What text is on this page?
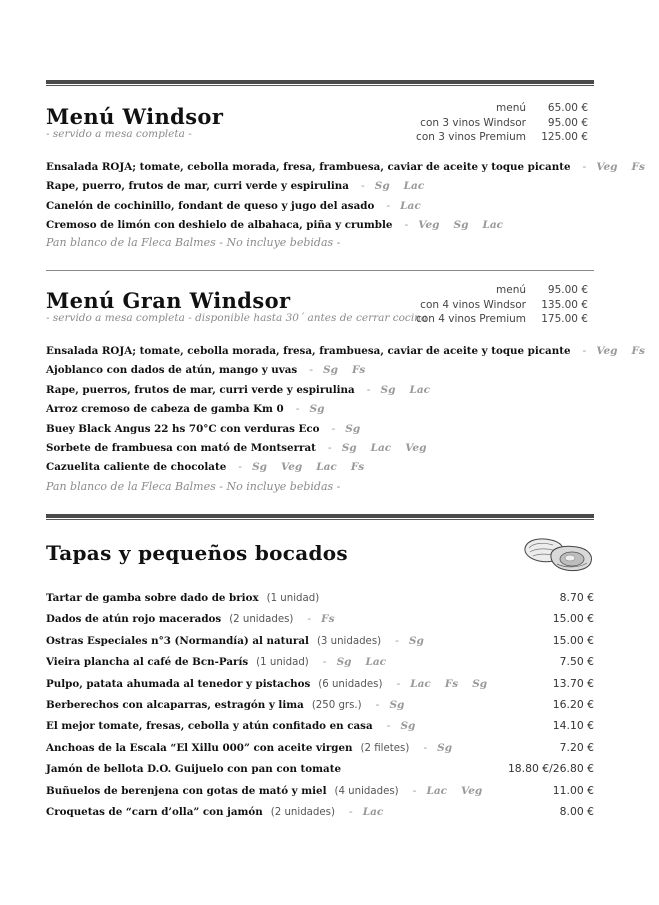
Menú Windsor
- servido a mesa completa -
menú	65.00 €
con 3 vinos Windsor	95.00 €
con 3 vinos Premium	125.00 €
Ensalada ROJA; tomate, cebolla morada, fresa, frambuesa, caviar de aceite y toque picante - Veg Fs
Rape, puerro, frutos de mar, curri verde y espirulina - Sg Lac
Canelón de cochinillo, fondant de queso y jugo del asado - Lac
Cremoso de limón con deshielo de albahaca, piña y crumble - Veg Sg Lac
Pan blanco de la Fleca Balmes - No incluye bebidas -
Menú Gran Windsor
- servido a mesa completa - disponible hasta 30´ antes de cerrar cocina
menú	95.00 €
con 4 vinos Windsor	135.00 €
con 4 vinos Premium	175.00 €
Ensalada ROJA; tomate, cebolla morada, fresa, frambuesa, caviar de aceite y toque picante - Veg Fs
Ajoblanco con dados de atún, mango y uvas - Sg Fs
Rape, puerros, frutos de mar, curri verde y espirulina - Sg Lac
Arroz cremoso de cabeza de gamba Km 0 - Sg
Buey Black Angus 22 hs 70°C con verduras Eco - Sg
Sorbete de frambuesa con mató de Montserrat - Sg Lac Veg
Cazuelita caliente de chocolate - Sg Veg Lac Fs
Pan blanco de la Fleca Balmes - No incluye bebidas -
Tapas y pequeños bocados
Tartar de gamba sobre dado de briox (1 unidad)	8.70 €
Dados de atún rojo macerados (2 unidades) - Fs	15.00 €
Ostras Especiales n°3 (Normandía) al natural (3 unidades) - Sg	15.00 €
Vieira plancha al café de Bcn-París (1 unidad) - Sg Lac	7.50 €
Pulpo, patata ahumada al tenedor y pistachos (6 unidades) - Lac Fs Sg	13.70 €
Berberechos con alcaparras, estragón y lima (250 grs.) - Sg	16.20 €
El mejor tomate, fresas, cebolla y atún confitado en casa - Sg	14.10 €
Anchoas de la Escala “El Xillu 000” con aceite virgen (2 filetes) - Sg	7.20 €
Jamón de bellota D.O. Guijuelo con pan con tomate	18.80 €/26.80 €
Buñuelos de berenjena con gotas de mató y miel (4 unidades) - Lac Veg	11.00 €
Croquetas de “carn d’olla” con jamón (2 unidades) - Lac	8.00 €
